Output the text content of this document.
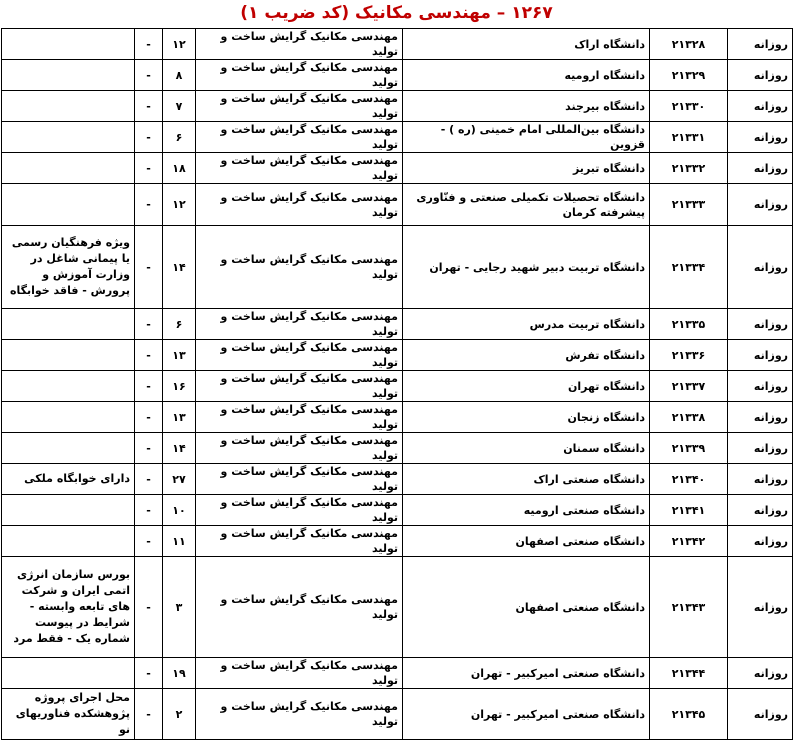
۱۲۶۷ – مهندسی مکانیک (کد ضریب ۱)
روزانه	۲۱۳۲۸	دانشگاه اراک	مهندسی مکانیک گرایش ساخت و تولید	۱۲	-	
روزانه	۲۱۳۲۹	دانشگاه ارومیه	مهندسی مکانیک گرایش ساخت و تولید	۸	-	
روزانه	۲۱۳۳۰	دانشگاه بیرجند	مهندسی مکانیک گرایش ساخت و تولید	۷	-	
روزانه	۲۱۳۳۱	دانشگاه بین‌المللی امام خمینی (ره ) - قزوین	مهندسی مکانیک گرایش ساخت و تولید	۶	-	
روزانه	۲۱۳۳۲	دانشگاه تبریز	مهندسی مکانیک گرایش ساخت و تولید	۱۸	-	
روزانه	۲۱۳۳۳	دانشگاه تحصیلات تکمیلی صنعتی و فنّاوری پیشرفته کرمان	مهندسی مکانیک گرایش ساخت و تولید	۱۲	-	
روزانه	۲۱۳۳۴	دانشگاه تربیت دبیر شهید رجایی - تهران	مهندسی مکانیک گرایش ساخت و تولید	۱۴	-	ویژه فرهنگیان رسمی یا پیمانی شاغل در وزارت آموزش و پرورش - فاقد خوابگاه
روزانه	۲۱۳۳۵	دانشگاه تربیت مدرس	مهندسی مکانیک گرایش ساخت و تولید	۶	-	
روزانه	۲۱۳۳۶	دانشگاه تفرش	مهندسی مکانیک گرایش ساخت و تولید	۱۳	-	
روزانه	۲۱۳۳۷	دانشگاه تهران	مهندسی مکانیک گرایش ساخت و تولید	۱۶	-	
روزانه	۲۱۳۳۸	دانشگاه زنجان	مهندسی مکانیک گرایش ساخت و تولید	۱۳	-	
روزانه	۲۱۳۳۹	دانشگاه سمنان	مهندسی مکانیک گرایش ساخت و تولید	۱۴	-	
روزانه	۲۱۳۴۰	دانشگاه صنعتی اراک	مهندسی مکانیک گرایش ساخت و تولید	۲۷	-	دارای خوابگاه ملکی
روزانه	۲۱۳۴۱	دانشگاه صنعتی ارومیه	مهندسی مکانیک گرایش ساخت و تولید	۱۰	-	
روزانه	۲۱۳۴۲	دانشگاه صنعتی اصفهان	مهندسی مکانیک گرایش ساخت و تولید	۱۱	-	
روزانه	۲۱۳۴۳	دانشگاه صنعتی اصفهان	مهندسی مکانیک گرایش ساخت و تولید	۳	-	بورس سازمان انرژی اتمی ایران و شرکت های تابعه وابسته - شرایط در پیوست شماره یک - فقط مرد
روزانه	۲۱۳۴۴	دانشگاه صنعتی امیرکبیر - تهران	مهندسی مکانیک گرایش ساخت و تولید	۱۹	-	
روزانه	۲۱۳۴۵	دانشگاه صنعتی امیرکبیر - تهران	مهندسی مکانیک گرایش ساخت و تولید	۲	-	محل اجرای پروژه پژوهشکده فناوریهای نو
